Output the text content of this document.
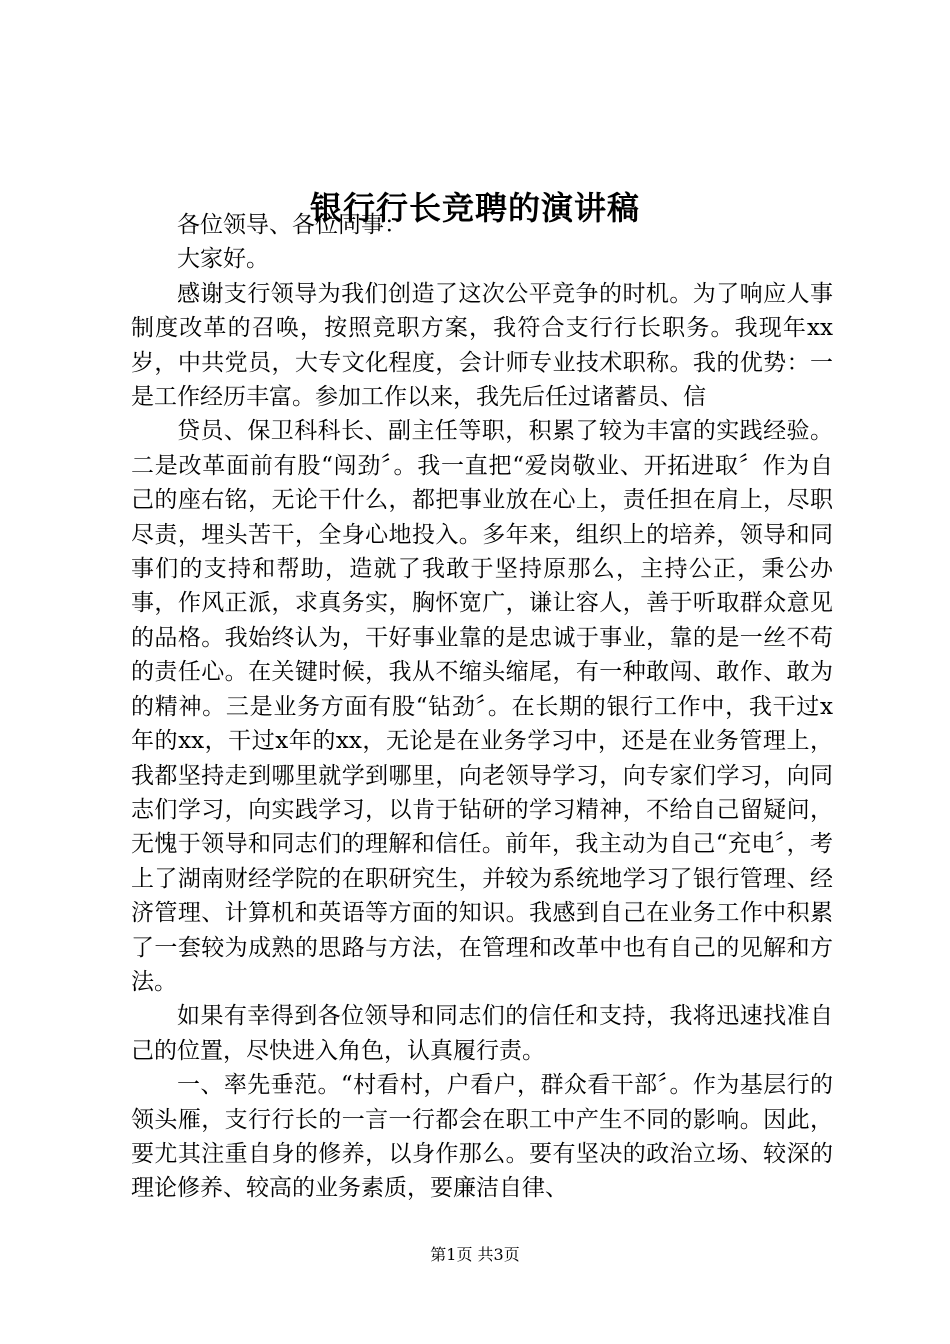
银行行长竞聘的演讲稿

各位领导、各位同事：

大家好。

感谢支行领导为我们创造了这次公平竞争的时机。为了响应人事制度改革的召唤，按照竞职方案，我符合支行行长职务。我现年xx岁，中共党员，大专文化程度，会计师专业技术职称。我的优势：一是工作经历丰富。参加工作以来，我先后任过诸蓄员、信

贷员、保卫科科长、副主任等职，积累了较为丰富的实践经验。二是改革面前有股“闯劲〞。我一直把“爱岗敬业、开拓进取〞作为自己的座右铭，无论干什么，都把事业放在心上，责任担在肩上，尽职尽责，埋头苦干，全身心地投入。多年来，组织上的培养，领导和同事们的支持和帮助，造就了我敢于坚持原那么，主持公正，秉公办事，作风正派，求真务实，胸怀宽广，谦让容人，善于听取群众意见的品格。我始终认为，干好事业靠的是忠诚于事业，靠的是一丝不苟的责任心。在关键时候，我从不缩头缩尾，有一种敢闯、敢作、敢为的精神。三是业务方面有股“钻劲〞。在长期的银行工作中，我干过x年的xx，干过x年的xx，无论是在业务学习中，还是在业务管理上，我都坚持走到哪里就学到哪里，向老领导学习，向专家们学习，向同志们学习，向实践学习，以肯于钻研的学习精神，不给自己留疑问，无愧于领导和同志们的理解和信任。前年，我主动为自己“充电〞，考上了湖南财经学院的在职研究生，并较为系统地学习了银行管理、经济管理、计算机和英语等方面的知识。我感到自己在业务工作中积累了一套较为成熟的思路与方法，在管理和改革中也有自己的见解和方法。

如果有幸得到各位领导和同志们的信任和支持，我将迅速找准自己的位置，尽快进入角色，认真履行责。

一、率先垂范。“村看村，户看户，群众看干部〞。作为基层行的领头雁，支行行长的一言一行都会在职工中产生不同的影响。因此，要尤其注重自身的修养，以身作那么。要有坚决的政治立场、较深的理论修养、较高的业务素质，要廉洁自律、

第1页 共3页
